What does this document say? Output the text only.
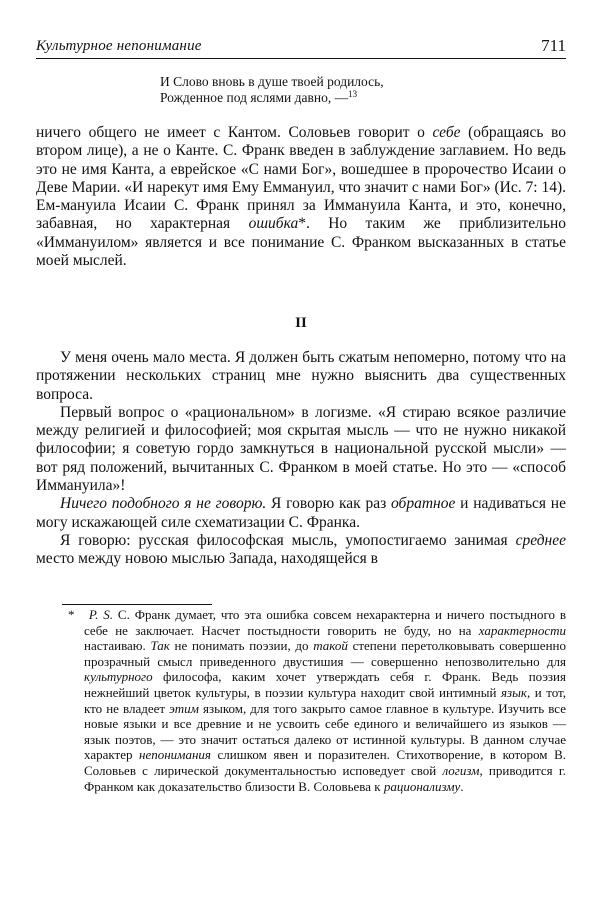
Культурное непонимание	711
И Слово вновь в душе твоей родилось,
Рожденное под яслями давно, —$^{13}$

ничего общего не имеет с Кантом. Соловьев говорит о себе (обращаясь во втором лице), а не о Канте. С. Франк введен в заблуждение заглавием. Но ведь это не имя Канта, а еврейское «С нами Бог», вошедшее в пророчество Исаии о Деве Марии. «И нарекут имя Ему Еммануил, что значит с нами Бог» (Ис. 7: 14). Ем-мануила Исаии С. Франк принял за Иммануила Канта, и это, конечно, забавная, но характерная ошибка*. Но таким же приблизительно «Иммануилом» является и все понимание С. Франком высказанных в статье моей мыслей.

II

У меня очень мало места. Я должен быть сжатым непомерно, потому что на протяжении нескольких страниц мне нужно выяснить два существенных вопроса.

Первый вопрос о «рациональном» в логизме. «Я стираю всякое различие между религией и философией; моя скрытая мысль — что не нужно никакой философии; я советую гордо замкнуться в национальной русской мысли» — вот ряд положений, вычитанных С. Франком в моей статье. Но это — «способ Иммануила»!

Ничего подобного я не говорю. Я говорю как раз обратное и надиваться не могу искажающей силе схематизации С. Франка.

Я говорю: русская философская мысль, умопостигаемо занимая среднее место между новою мыслью Запада, находящейся в

* P. S. С. Франк думает, что эта ошибка совсем нехарактерна и ничего постыдного в себе не заключает. Насчет постыдности говорить не буду, но на характерности настаиваю. Так не понимать поэзии, до такой степени перетолковывать совершенно прозрачный смысл приведенного двустишия — совершенно непозволительно для культурного философа, каким хочет утверждать себя г. Франк. Ведь поэзия нежнейший цветок культуры, в поэзии культура находит свой интимный язык, и тот, кто не владеет этим языком, для того закрыто самое главное в культуре. Изучить все новые языки и все древние и не усвоить себе единого и величайшего из языков — язык поэтов, — это значит остаться далеко от истинной культуры. В данном случае характер непонимания слишком явен и поразителен. Стихотворение, в котором В. Соловьев с лирической документальностью исповедует свой логизм, приводится г. Франком как доказательство близости В. Соловьева к рационализму.
